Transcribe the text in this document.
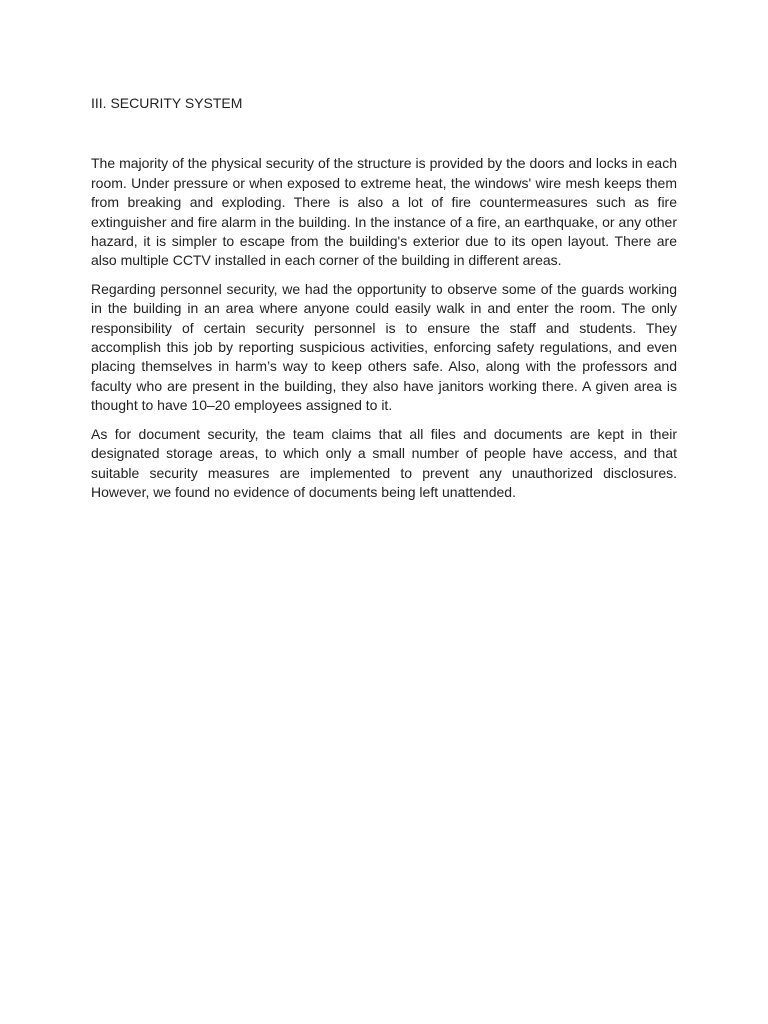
III. SECURITY SYSTEM

The majority of the physical security of the structure is provided by the doors and locks in each room. Under pressure or when exposed to extreme heat, the windows' wire mesh keeps them from breaking and exploding. There is also a lot of fire countermeasures such as fire extinguisher and fire alarm in the building. In the instance of a fire, an earthquake, or any other hazard, it is simpler to escape from the building's exterior due to its open layout. There are also multiple CCTV installed in each corner of the building in different areas.

Regarding personnel security, we had the opportunity to observe some of the guards working in the building in an area where anyone could easily walk in and enter the room. The only responsibility of certain security personnel is to ensure the staff and students. They accomplish this job by reporting suspicious activities, enforcing safety regulations, and even placing themselves in harm’s way to keep others safe. Also, along with the professors and faculty who are present in the building, they also have janitors working there. A given area is thought to have 10–20 employees assigned to it.

As for document security, the team claims that all files and documents are kept in their designated storage areas, to which only a small number of people have access, and that suitable security measures are implemented to prevent any unauthorized disclosures. However, we found no evidence of documents being left unattended.
